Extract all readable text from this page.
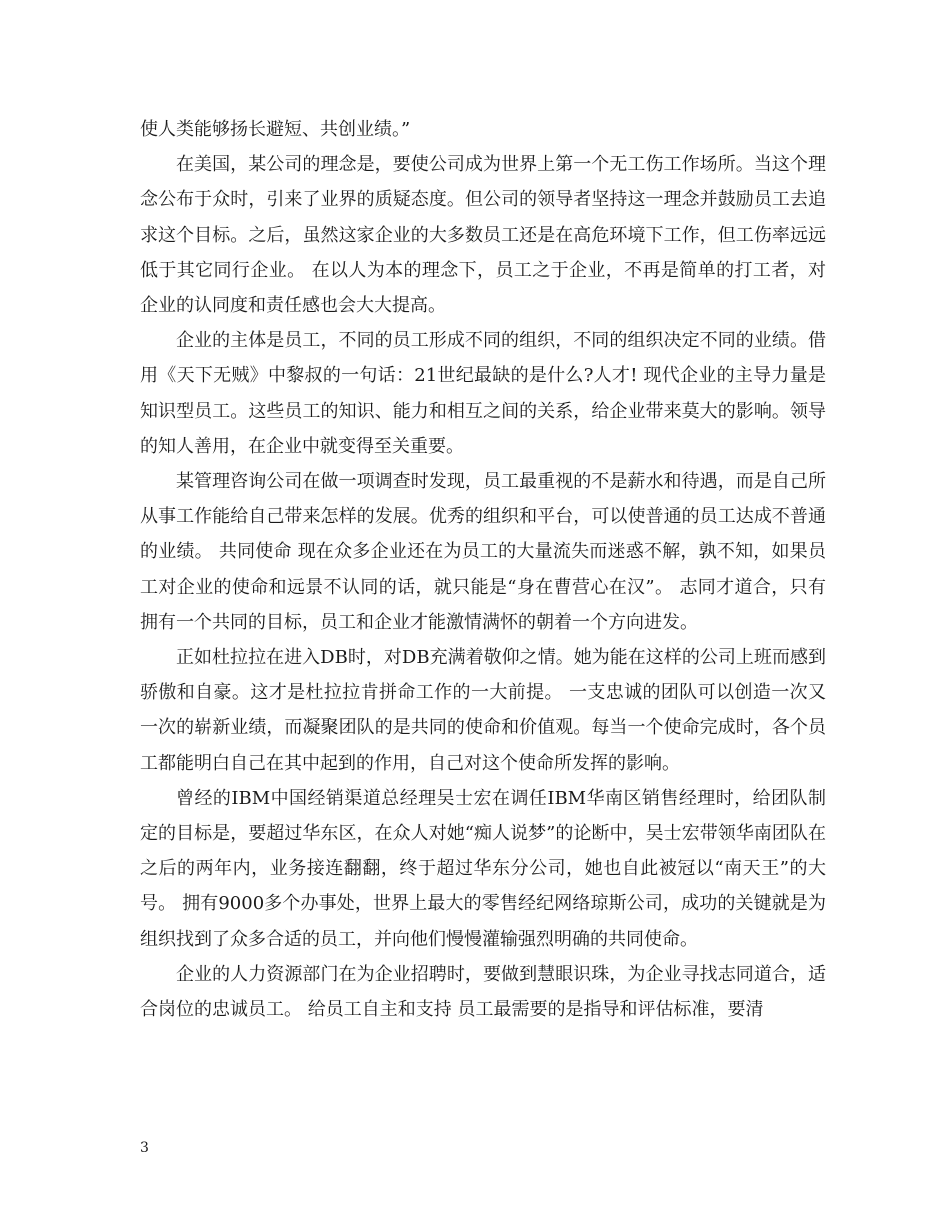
使人类能够扬长避短、共创业绩。”

在美国，某公司的理念是，要使公司成为世界上第一个无工伤工作场所。当这个理念公布于众时，引来了业界的质疑态度。但公司的领导者坚持这一理念并鼓励员工去追求这个目标。之后，虽然这家企业的大多数员工还是在高危环境下工作，但工伤率远远低于其它同行企业。 在以人为本的理念下，员工之于企业，不再是简单的打工者，对企业的认同度和责任感也会大大提高。

企业的主体是员工，不同的员工形成不同的组织，不同的组织决定不同的业绩。借用《天下无贼》中黎叔的一句话：21世纪最缺的是什么?人才! 现代企业的主导力量是知识型员工。这些员工的知识、能力和相互之间的关系，给企业带来莫大的影响。领导的知人善用，在企业中就变得至关重要。

某管理咨询公司在做一项调查时发现，员工最重视的不是薪水和待遇，而是自己所从事工作能给自己带来怎样的发展。优秀的组织和平台，可以使普通的员工达成不普通的业绩。 共同使命 现在众多企业还在为员工的大量流失而迷惑不解，孰不知，如果员工对企业的使命和远景不认同的话，就只能是“身在曹营心在汉”。 志同才道合，只有拥有一个共同的目标，员工和企业才能激情满怀的朝着一个方向进发。

正如杜拉拉在进入DB时，对DB充满着敬仰之情。她为能在这样的公司上班而感到骄傲和自豪。这才是杜拉拉肯拼命工作的一大前提。 一支忠诚的团队可以创造一次又一次的崭新业绩，而凝聚团队的是共同的使命和价值观。每当一个使命完成时，各个员工都能明白自己在其中起到的作用，自己对这个使命所发挥的影响。

曾经的IBM中国经销渠道总经理吴士宏在调任IBM华南区销售经理时，给团队制定的目标是，要超过华东区，在众人对她“痴人说梦”的论断中，吴士宏带领华南团队在之后的两年内，业务接连翻翻，终于超过华东分公司，她也自此被冠以“南天王”的大号。 拥有9000多个办事处，世界上最大的零售经纪网络琼斯公司，成功的关键就是为组织找到了众多合适的员工，并向他们慢慢灌输强烈明确的共同使命。

企业的人力资源部门在为企业招聘时，要做到慧眼识珠，为企业寻找志同道合，适合岗位的忠诚员工。 给员工自主和支持 员工最需要的是指导和评估标准，要清

3
